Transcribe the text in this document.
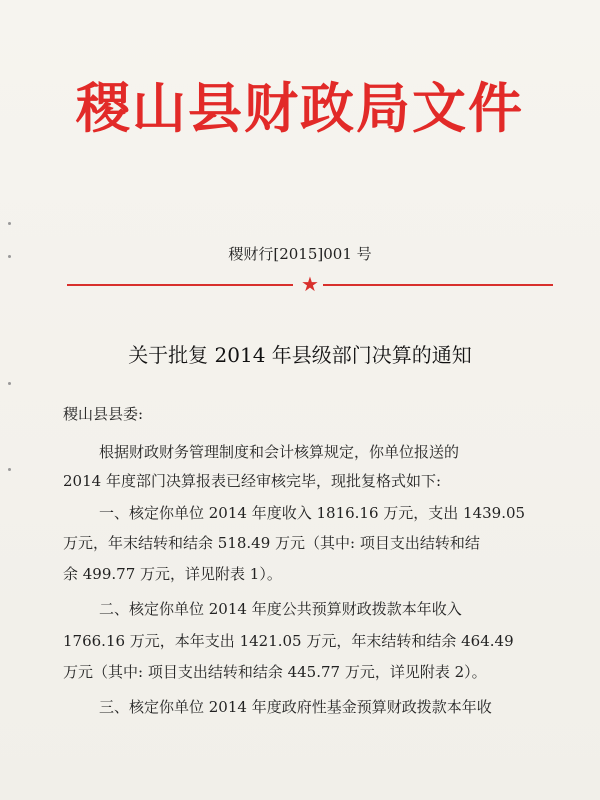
稷山县财政局文件
稷财行[2015]001 号
★
关于批复 2014 年县级部门决算的通知
稷山县县委:
根据财政财务管理制度和会计核算规定，你单位报送的
2014 年度部门决算报表已经审核完毕，现批复格式如下:
一、核定你单位 2014 年度收入 1816.16 万元，支出 1439.05
万元，年末结转和结余 518.49 万元（其中: 项目支出结转和结
余 499.77 万元，详见附表 1）。
二、核定你单位 2014 年度公共预算财政拨款本年收入
1766.16 万元，本年支出 1421.05 万元，年末结转和结余 464.49
万元（其中: 项目支出结转和结余 445.77 万元，详见附表 2）。
三、核定你单位 2014 年度政府性基金预算财政拨款本年收
